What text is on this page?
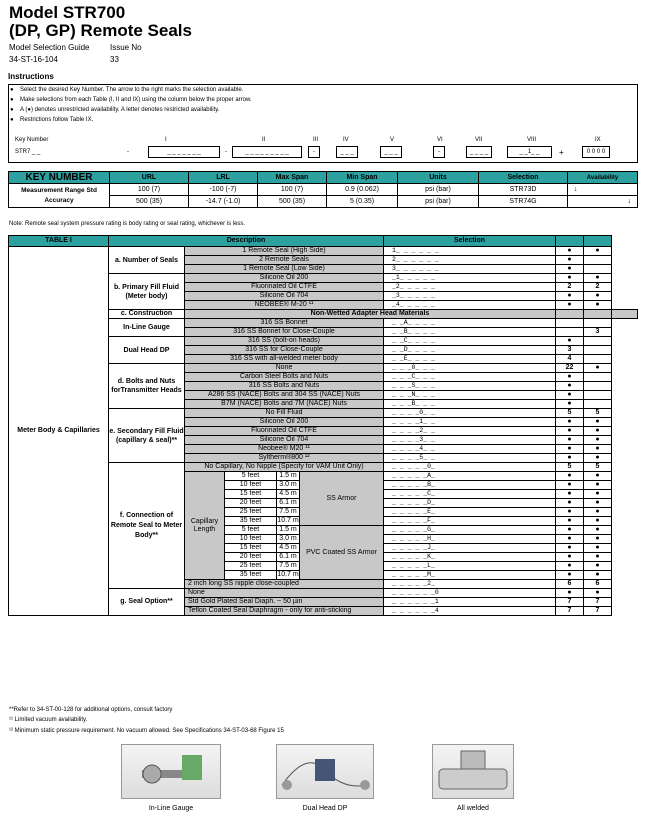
Model STR700
(DP, GP) Remote Seals
Model Selection Guide	Issue No
34-ST-16-104	33
Instructions
● Select the desired Key Number. The arrow to the right marks the selection available.
● Make selections from each Table (I, II and IX) using the column below the proper arrow.
● A (●) denotes unrestricted availability. A letter denotes restricted availability.
● Restrictions follow Table IX.
Key Number
STR7 _ _
I	II	III	IV	V	VI	VII	VIII	IX
-	_ _ _ _ _ _ _	-	_ _ _ _ _ _ _ _ _	-	_ _ _	_ _ _	-	_ _ _ _	_ _1_ _	+	0 0 0 0
KEY NUMBER	URL	LRL	Max Span	Min Span	Units	Selection	Availability
Measurement Range Std
Accuracy	100 (7)	-100 (-7)	100 (7)	0.9 (0.062)	psi (bar)	STR73D	↓
	500 (35)	-14.7 (-1.0)	500 (35)	5 (0.35)	psi (bar)	STR74G	↓
Note: Remote seal system pressure rating is body rating or seal rating, whichever is less.
TABLE I	Description					Selection			
Meter Body & Capillaries	a. Number of Seals	1 Remote Seal (High Side)				1_ _ _ _ _ _	●	●	
		2 Remote Seals				2_ _ _ _ _ _	●		
		1 Remote Seal (Low Side)				3_ _ _ _ _ _	●		
	b. Primary Fill Fluid (Meter body)	Silicone Oil 200				_1_ _ _ _ _	●	●	
		Fluorinated Oil CTFE				_2_ _ _ _ _	2	2	
		Silicone Oil 704				_3_ _ _ _ _	●	●	
		NEOBEE® M-20 ¹¹				_4_ _ _ _ _	●	●	
	c. Construction	Non-Wetted Adapter Head Materials							
	In-Line Gauge	316 SS Bonnet				_ _A_ _ _ _			
		316 SS Bonnet for Close-Couple				_ _B_ _ _ _		3	
	Dual Head DP	316 SS (bolt-on heads)				_ _C_ _ _ _	●		
		316 SS for Close-Couple				_ _D_ _ _ _	3		
		316 SS with all-welded meter body				_ _E_ _ _ _	4		
	d. Bolts and Nuts forTransmitter Heads	None				_ _ _0_ _ _	22	●	
		Carbon Steel Bolts and Nuts				_ _ _C_ _ _	●		
		316 SS Bolts and Nuts				_ _ _S_ _ _	●		
		A286 SS (NACE) Bolts and 304 SS (NACE) Nuts				_ _ _N_ _ _	●		
		B7M (NACE) Bolts and 7M (NACE) Nuts				_ _ _B_ _ _	●		
	e. Secondary Fill Fluid (capillary & seal)**	No Fill Fluid				_ _ _ _0_ _	5	5	
		Silicone Oil 200				_ _ _ _1_ _	●	●	
		Fluorinated Oil CTFE				_ _ _ _2_ _	●	●	
		Silicone Oil 704				_ _ _ _3_ _	●	●	
		Neobee® M20 ¹¹				_ _ _ _4_ _	●	●	
		Syltherm®800 ¹²				_ _ _ _5_ _	●	●	
	f. Connection of Remote Seal to Meter Body**	No Capillary, No Nipple (Specify for VAM Unit Only)				_ _ _ _ _0_	5	5	
		Capillary Length	5 feet	1.5 m	SS Armor	_ _ _ _ _A_	●	●	
			10 feet	3.0 m		_ _ _ _ _B_	●	●	
			15 feet	4.5 m		_ _ _ _ _C_	●	●	
			20 feet	6.1 m		_ _ _ _ _D_	●	●	
			25 feet	7.5 m		_ _ _ _ _E_	●	●	
			35 feet	10.7 m		_ _ _ _ _F_	●	●	
			5 feet	1.5 m	PVC Coated SS Armor	_ _ _ _ _G_	●	●	
			10 feet	3.0 m		_ _ _ _ _H_	●	●	
			15 feet	4.5 m		_ _ _ _ _J_	●	●	
			20 feet	6.1 m		_ _ _ _ _K_	●	●	
			25 feet	7.5 m		_ _ _ _ _L_	●	●	
			35 feet	10.7 m		_ _ _ _ _M_	●	●	
		2 inch long SS nipple close-coupled				_ _ _ _ _2_	6	6	
	g. Seal Option**	None				_ _ _ _ _ _0	●	●	
		Std Gold Plated Seal Diaph. ~ 50 µin				_ _ _ _ _ _1	7	7	
		Teflon Coated Seal Diaphragm - only for anti-sticking				_ _ _ _ _ _4	7	7	
**Refer to 34-ST-00-128 for additional options, consult factory
¹¹ Limited vacuum availability.
¹² Minimum static pressure requirement. No vacuum allowed. See Specifications 34-ST-03-68 Figure 15
In-Line Gauge	Dual Head DP	All welded
